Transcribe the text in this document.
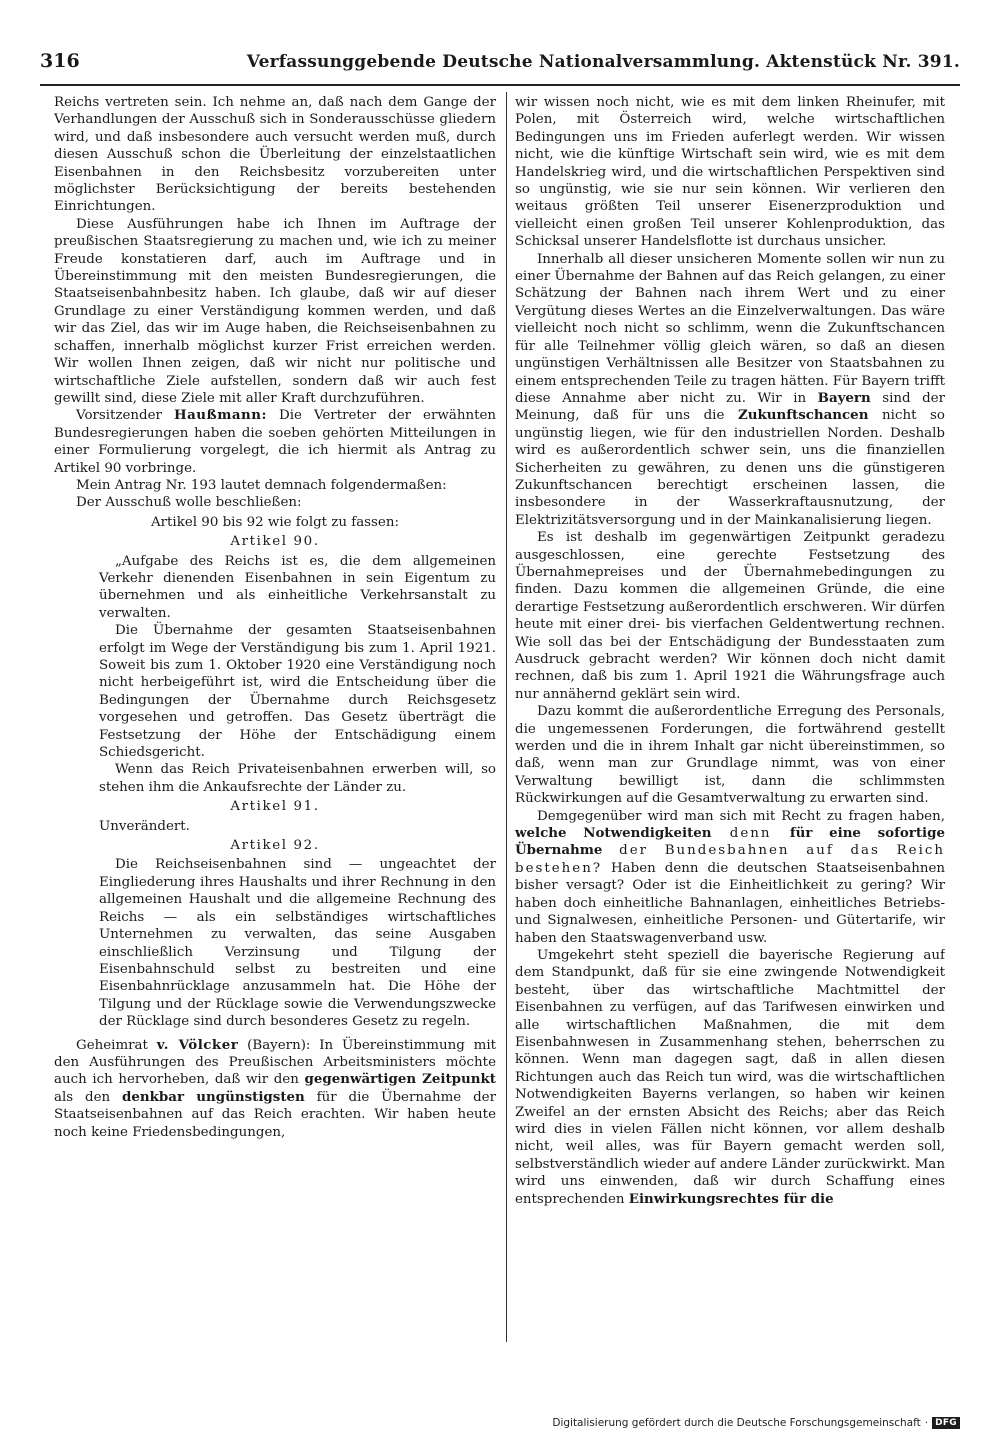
316	Verfassunggebende Deutsche Nationalversammlung. Aktenstück Nr. 391.

Reichs vertreten sein. Ich nehme an, daß nach dem Gange der Verhandlungen der Ausschuß sich in Sonderausschüsse gliedern wird, und daß insbesondere auch versucht werden muß, durch diesen Ausschuß schon die Überleitung der einzelstaatlichen Eisenbahnen in den Reichsbesitz vorzubereiten unter möglichster Berücksichtigung der bereits bestehenden Einrichtungen.

Diese Ausführungen habe ich Ihnen im Auftrage der preußischen Staatsregierung zu machen und, wie ich zu meiner Freude konstatieren darf, auch im Auftrage und in Übereinstimmung mit den meisten Bundesregierungen, die Staatseisenbahnbesitz haben. Ich glaube, daß wir auf dieser Grundlage zu einer Verständigung kommen werden, und daß wir das Ziel, das wir im Auge haben, die Reichseisenbahnen zu schaffen, innerhalb möglichst kurzer Frist erreichen werden. Wir wollen Ihnen zeigen, daß wir nicht nur politische und wirtschaftliche Ziele aufstellen, sondern daß wir auch fest gewillt sind, diese Ziele mit aller Kraft durchzuführen.

Vorsitzender Haußmann: Die Vertreter der erwähnten Bundesregierungen haben die soeben gehörten Mitteilungen in einer Formulierung vorgelegt, die ich hiermit als Antrag zu Artikel 90 vorbringe.

Mein Antrag Nr. 193 lautet demnach folgendermaßen:

Der Ausschuß wolle beschließen:

Artikel 90 bis 92 wie folgt zu fassen:

Artikel 90.

„Aufgabe des Reichs ist es, die dem allgemeinen Verkehr dienenden Eisenbahnen in sein Eigentum zu übernehmen und als einheitliche Verkehrsanstalt zu verwalten.

Die Übernahme der gesamten Staatseisenbahnen erfolgt im Wege der Verständigung bis zum 1. April 1921. Soweit bis zum 1. Oktober 1920 eine Verständigung noch nicht herbeigeführt ist, wird die Entscheidung über die Bedingungen der Übernahme durch Reichsgesetz vorgesehen und getroffen. Das Gesetz überträgt die Festsetzung der Höhe der Entschädigung einem Schiedsgericht.

Wenn das Reich Privateisenbahnen erwerben will, so stehen ihm die Ankaufsrechte der Länder zu.

Artikel 91.

Unverändert.

Artikel 92.

Die Reichseisenbahnen sind — ungeachtet der Eingliederung ihres Haushalts und ihrer Rechnung in den allgemeinen Haushalt und die allgemeine Rechnung des Reichs — als ein selbständiges wirtschaftliches Unternehmen zu verwalten, das seine Ausgaben einschließlich Verzinsung und Tilgung der Eisenbahnschuld selbst zu bestreiten und eine Eisenbahnrücklage anzusammeln hat. Die Höhe der Tilgung und der Rücklage sowie die Verwendungszwecke der Rücklage sind durch besonderes Gesetz zu regeln.

Geheimrat v. Völcker (Bayern): In Übereinstimmung mit den Ausführungen des Preußischen Arbeitsministers möchte auch ich hervorheben, daß wir den gegenwärtigen Zeitpunkt als den denkbar ungünstigsten für die Übernahme der Staatseisenbahnen auf das Reich erachten. Wir haben heute noch keine Friedensbedingungen,

wir wissen noch nicht, wie es mit dem linken Rheinufer, mit Polen, mit Österreich wird, welche wirtschaftlichen Bedingungen uns im Frieden auferlegt werden. Wir wissen nicht, wie die künftige Wirtschaft sein wird, wie es mit dem Handelskrieg wird, und die wirtschaftlichen Perspektiven sind so ungünstig, wie sie nur sein können. Wir verlieren den weitaus größten Teil unserer Eisenerzproduktion und vielleicht einen großen Teil unserer Kohlenproduktion, das Schicksal unserer Handelsflotte ist durchaus unsicher.

Innerhalb all dieser unsicheren Momente sollen wir nun zu einer Übernahme der Bahnen auf das Reich gelangen, zu einer Schätzung der Bahnen nach ihrem Wert und zu einer Vergütung dieses Wertes an die Einzelverwaltungen. Das wäre vielleicht noch nicht so schlimm, wenn die Zukunftschancen für alle Teilnehmer völlig gleich wären, so daß an diesen ungünstigen Verhältnissen alle Besitzer von Staatsbahnen zu einem entsprechenden Teile zu tragen hätten. Für Bayern trifft diese Annahme aber nicht zu. Wir in Bayern sind der Meinung, daß für uns die Zukunftschancen nicht so ungünstig liegen, wie für den industriellen Norden. Deshalb wird es außerordentlich schwer sein, uns die finanziellen Sicherheiten zu gewähren, zu denen uns die günstigeren Zukunftschancen berechtigt erscheinen lassen, die insbesondere in der Wasserkraftausnutzung, der Elektrizitätsversorgung und in der Mainkanalisierung liegen.

Es ist deshalb im gegenwärtigen Zeitpunkt geradezu ausgeschlossen, eine gerechte Festsetzung des Übernahmepreises und der Übernahmebedingungen zu finden. Dazu kommen die allgemeinen Gründe, die eine derartige Festsetzung außerordentlich erschweren. Wir dürfen heute mit einer drei- bis vierfachen Geldentwertung rechnen. Wie soll das bei der Entschädigung der Bundesstaaten zum Ausdruck gebracht werden? Wir können doch nicht damit rechnen, daß bis zum 1. April 1921 die Währungsfrage auch nur annähernd geklärt sein wird.

Dazu kommt die außerordentliche Erregung des Personals, die ungemessenen Forderungen, die fortwährend gestellt werden und die in ihrem Inhalt gar nicht übereinstimmen, so daß, wenn man zur Grundlage nimmt, was von einer Verwaltung bewilligt ist, dann die schlimmsten Rückwirkungen auf die Gesamtverwaltung zu erwarten sind.

Demgegenüber wird man sich mit Recht zu fragen haben, welche Notwendigkeiten denn für eine sofortige Übernahme der Bundesbahnen auf das Reich bestehen? Haben denn die deutschen Staatseisenbahnen bisher versagt? Oder ist die Einheitlichkeit zu gering? Wir haben doch einheitliche Bahnanlagen, einheitliches Betriebs- und Signalwesen, einheitliche Personen- und Gütertarife, wir haben den Staatswagenverband usw.

Umgekehrt steht speziell die bayerische Regierung auf dem Standpunkt, daß für sie eine zwingende Notwendigkeit besteht, über das wirtschaftliche Machtmittel der Eisenbahnen zu verfügen, auf das Tarifwesen einwirken und alle wirtschaftlichen Maßnahmen, die mit dem Eisenbahnwesen in Zusammenhang stehen, beherrschen zu können. Wenn man dagegen sagt, daß in allen diesen Richtungen auch das Reich tun wird, was die wirtschaftlichen Notwendigkeiten Bayerns verlangen, so haben wir keinen Zweifel an der ernsten Absicht des Reichs; aber das Reich wird dies in vielen Fällen nicht können, vor allem deshalb nicht, weil alles, was für Bayern gemacht werden soll, selbstverständlich wieder auf andere Länder zurückwirkt. Man wird uns einwenden, daß wir durch Schaffung eines entsprechenden Einwirkungsrechtes für die

Digitalisierung gefördert durch die Deutsche Forschungsgemeinschaft · DFG
